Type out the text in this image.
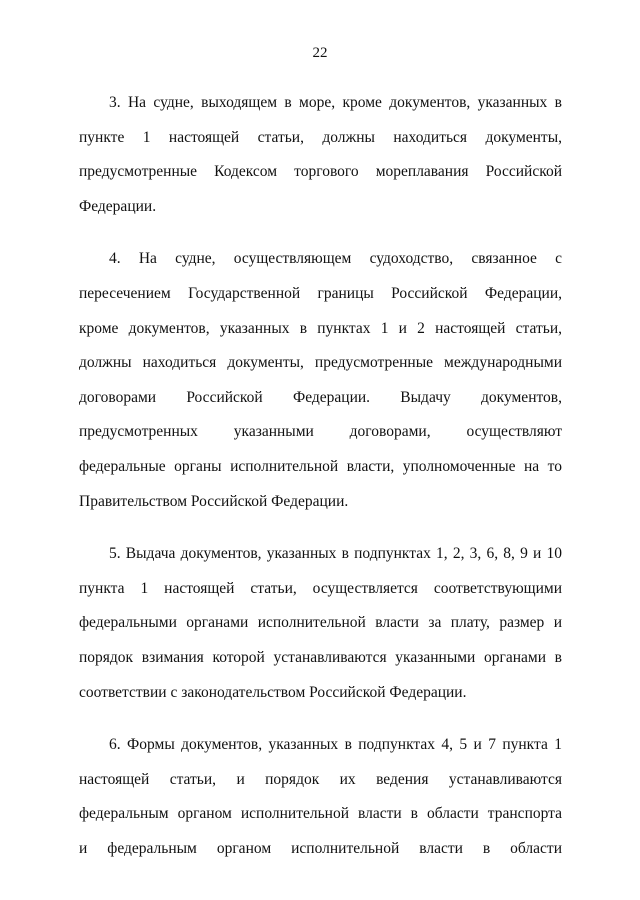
22
3. На судне, выходящем в море, кроме документов, указанных в
пункте 1 настоящей статьи, должны находиться документы,
предусмотренные Кодексом торгового мореплавания Российской
Федерации.
4. На судне, осуществляющем судоходство, связанное с
пересечением Государственной границы Российской Федерации,
кроме документов, указанных в пунктах 1 и 2 настоящей статьи,
должны находиться документы, предусмотренные международными
договорами Российской Федерации. Выдачу документов,
предусмотренных указанными договорами, осуществляют
федеральные органы исполнительной власти, уполномоченные на то
Правительством Российской Федерации.
5. Выдача документов, указанных в подпунктах 1, 2, 3, 6, 8, 9 и 10
пункта 1 настоящей статьи, осуществляется соответствующими
федеральными органами исполнительной власти за плату, размер и
порядок взимания которой устанавливаются указанными органами в
соответствии с законодательством Российской Федерации.
6. Формы документов, указанных в подпунктах 4, 5 и 7 пункта 1
настоящей статьи, и порядок их ведения устанавливаются
федеральным органом исполнительной власти в области транспорта
и федеральным органом исполнительной власти в области
